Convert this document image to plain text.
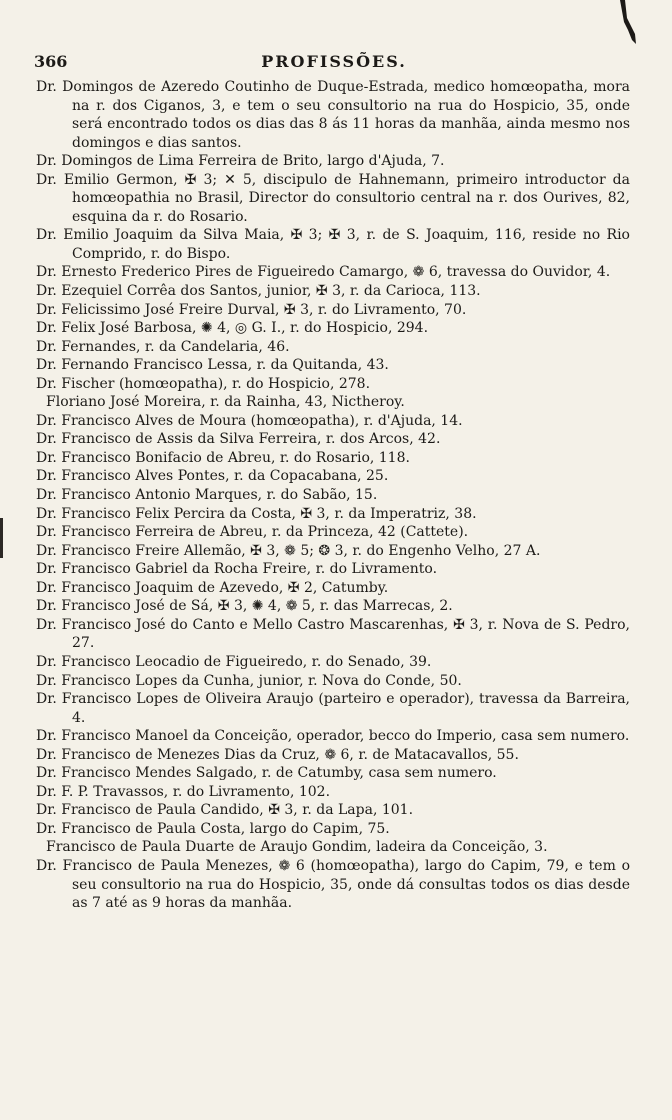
366	PROFISSÕES.

Dr. Domingos de Azeredo Coutinho de Duque-Estrada, medico homœopatha, mora na r. dos Ciganos, 3, e tem o seu consultorio na rua do Hospicio, 35, onde será encontrado todos os dias das 8 ás 11 horas da manhãa, ainda mesmo nos domingos e dias santos.

Dr. Domingos de Lima Ferreira de Brito, largo d'Ajuda, 7.

Dr. Emilio Germon, ✠ 3; ✕ 5, discipulo de Hahnemann, primeiro introductor da homœopathia no Brasil, Director do consultorio central na r. dos Ourives, 82, esquina da r. do Rosario.

Dr. Emilio Joaquim da Silva Maia, ✠ 3; ✠ 3, r. de S. Joaquim, 116, reside no Rio Comprido, r. do Bispo.

Dr. Ernesto Frederico Pires de Figueiredo Camargo, ❁ 6, travessa do Ouvidor, 4.

Dr. Ezequiel Corrêa dos Santos, junior, ✠ 3, r. da Carioca, 113.

Dr. Felicissimo José Freire Durval, ✠ 3, r. do Livramento, 70.

Dr. Felix José Barbosa, ✺ 4, ◎ G. I., r. do Hospicio, 294.

Dr. Fernandes, r. da Candelaria, 46.

Dr. Fernando Francisco Lessa, r. da Quitanda, 43.

Dr. Fischer (homœopatha), r. do Hospicio, 278.

Floriano José Moreira, r. da Rainha, 43, Nictheroy.

Dr. Francisco Alves de Moura (homœopatha), r. d'Ajuda, 14.

Dr. Francisco de Assis da Silva Ferreira, r. dos Arcos, 42.

Dr. Francisco Bonifacio de Abreu, r. do Rosario, 118.

Dr. Francisco Alves Pontes, r. da Copacabana, 25.

Dr. Francisco Antonio Marques, r. do Sabão, 15.

Dr. Francisco Felix Percira da Costa, ✠ 3, r. da Imperatriz, 38.

Dr. Francisco Ferreira de Abreu, r. da Princeza, 42 (Cattete).

Dr. Francisco Freire Allemão, ✠ 3, ❁ 5; ❂ 3, r. do Engenho Velho, 27 A.

Dr. Francisco Gabriel da Rocha Freire, r. do Livramento.

Dr. Francisco Joaquim de Azevedo, ✠ 2, Catumby.

Dr. Francisco José de Sá, ✠ 3, ✺ 4, ❁ 5, r. das Marrecas, 2.

Dr. Francisco José do Canto e Mello Castro Mascarenhas, ✠ 3, r. Nova de S. Pedro, 27.

Dr. Francisco Leocadio de Figueiredo, r. do Senado, 39.

Dr. Francisco Lopes da Cunha, junior, r. Nova do Conde, 50.

Dr. Francisco Lopes de Oliveira Araujo (parteiro e operador), travessa da Barreira, 4.

Dr. Francisco Manoel da Conceição, operador, becco do Imperio, casa sem numero.

Dr. Francisco de Menezes Dias da Cruz, ❁ 6, r. de Matacavallos, 55.

Dr. Francisco Mendes Salgado, r. de Catumby, casa sem numero.

Dr. F. P. Travassos, r. do Livramento, 102.

Dr. Francisco de Paula Candido, ✠ 3, r. da Lapa, 101.

Dr. Francisco de Paula Costa, largo do Capim, 75.

Francisco de Paula Duarte de Araujo Gondim, ladeira da Conceição, 3.

Dr. Francisco de Paula Menezes, ❁ 6 (homœopatha), largo do Capim, 79, e tem o seu consultorio na rua do Hospicio, 35, onde dá consultas todos os dias desde as 7 até as 9 horas da manhãa.
